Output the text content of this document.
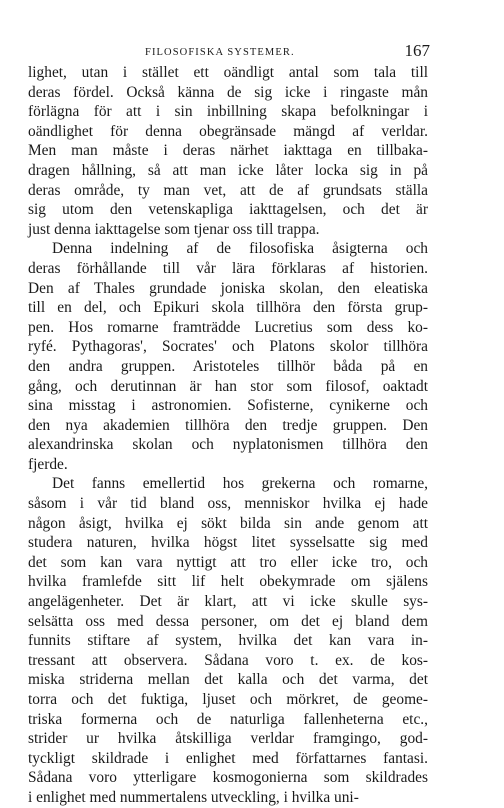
FILOSOFISKA SYSTEMER.	167
lighet, utan i stället ett oändligt antal som tala till
deras fördel. Också känna de sig icke i ringaste mån
förlägna för att i sin inbillning skapa befolkningar i
oändlighet för denna obegränsade mängd af verldar.
Men man måste i deras närhet iakttaga en tillbaka-
dragen hållning, så att man icke låter locka sig in på
deras område, ty man vet, att de af grundsats ställa
sig utom den vetenskapliga iakttagelsen, och det är
just denna iakttagelse som tjenar oss till trappa.
Denna indelning af de filosofiska åsigterna och
deras förhållande till vår lära förklaras af historien.
Den af Thales grundade joniska skolan, den eleatiska
till en del, och Epikuri skola tillhöra den första grup-
pen. Hos romarne framträdde Lucretius som dess ko-
ryfé. Pythagoras', Socrates' och Platons skolor tillhöra
den andra gruppen. Aristoteles tillhör båda på en
gång, och derutinnan är han stor som filosof, oaktadt
sina misstag i astronomien. Sofisterne, cynikerne och
den nya akademien tillhöra den tredje gruppen. Den
alexandrinska skolan och nyplatonismen tillhöra den
fjerde.
Det fanns emellertid hos grekerna och romarne,
såsom i vår tid bland oss, menniskor hvilka ej hade
någon åsigt, hvilka ej sökt bilda sin ande genom att
studera naturen, hvilka högst litet sysselsatte sig med
det som kan vara nyttigt att tro eller icke tro, och
hvilka framlefde sitt lif helt obekymrade om själens
angelägenheter. Det är klart, att vi icke skulle sys-
selsätta oss med dessa personer, om det ej bland dem
funnits stiftare af system, hvilka det kan vara in-
tressant att observera. Sådana voro t. ex. de kos-
miska striderna mellan det kalla och det varma, det
torra och det fuktiga, ljuset och mörkret, de geome-
triska formerna och de naturliga fallenheterna etc.,
strider ur hvilka åtskilliga verldar framgingo, god-
tyckligt skildrade i enlighet med författarnes fantasi.
Sådana voro ytterligare kosmogonierna som skildrades
i enlighet med nummertalens utveckling, i hvilka uni-
